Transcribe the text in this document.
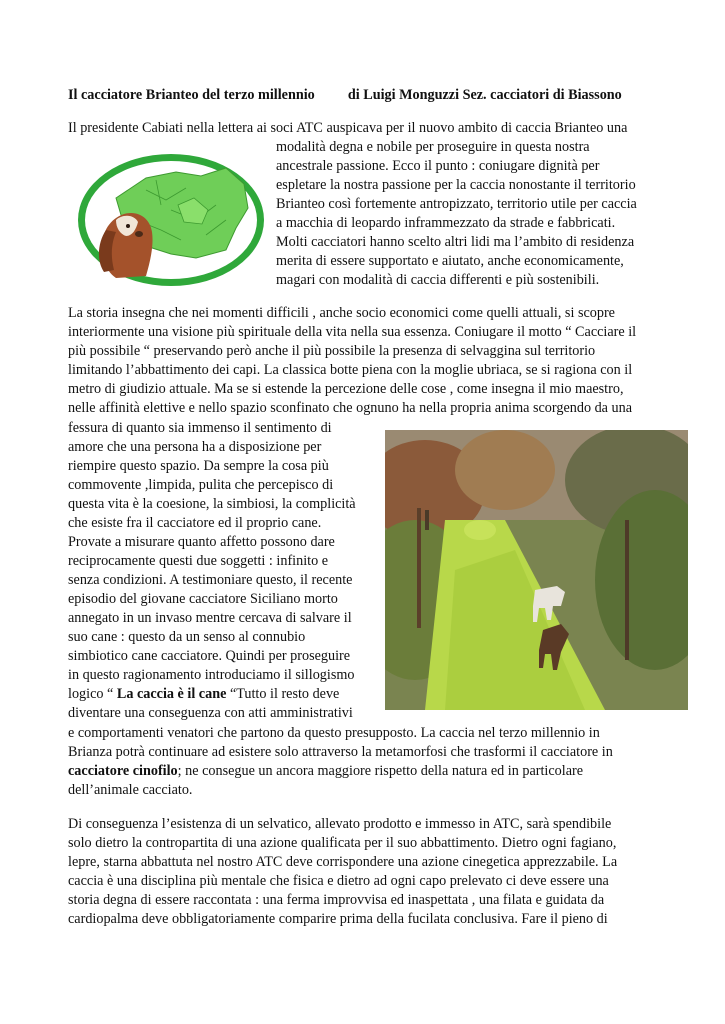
Il cacciatore Brianteo del terzo millennio di Luigi Monguzzi Sez. cacciatori di Biassono
Il presidente Cabiati nella lettera ai soci ATC auspicava per il nuovo ambito di caccia Brianteo una
modalità degna e nobile per proseguire in questa nostra
ancestrale passione. Ecco il punto : coniugare dignità per
espletare la nostra passione per la caccia nonostante il territorio
Brianteo così fortemente antropizzato, territorio utile per caccia
a macchia di leopardo inframmezzato da strade e fabbricati.
Molti cacciatori hanno scelto altri lidi ma l’ambito di residenza
merita di essere supportato e aiutato, anche economicamente,
magari con modalità di caccia differenti e più sostenibili.
La storia insegna che nei momenti difficili , anche socio economici come quelli attuali, si scopre
interiormente una visione più spirituale della vita nella sua essenza. Coniugare il motto “ Cacciare il
più possibile “ preservando però anche il più possibile la presenza di selvaggina sul territorio
limitando l’abbattimento dei capi. La classica botte piena con la moglie ubriaca, se si ragiona con il
metro di giudizio attuale. Ma se si estende la percezione delle cose , come insegna il mio maestro,
nelle affinità elettive e nello spazio sconfinato che ognuno ha nella propria anima scorgendo da una
fessura di quanto sia immenso il sentimento di
amore che una persona ha a disposizione per
riempire questo spazio. Da sempre la cosa più
commovente ,limpida, pulita che percepisco di
questa vita è la coesione, la simbiosi, la complicità
che esiste fra il cacciatore ed il proprio cane.
Provate a misurare quanto affetto possono dare
reciprocamente questi due soggetti : infinito e
senza condizioni. A testimoniare questo, il recente
episodio del giovane cacciatore Siciliano morto
annegato in un invaso mentre cercava di salvare il
suo cane : questo da un senso al connubio
simbiotico cane cacciatore. Quindi per proseguire
in questo ragionamento introduciamo il sillogismo
logico “ La caccia è il cane “Tutto il resto deve
diventare una conseguenza con atti amministrativi
e comportamenti venatori che partono da questo presupposto. La caccia nel terzo millennio in
Brianza potrà continuare ad esistere solo attraverso la metamorfosi che trasformi il cacciatore in
cacciatore cinofilo; ne consegue un ancora maggiore rispetto della natura ed in particolare
dell’animale cacciato.
Di conseguenza l’esistenza di un selvatico, allevato prodotto e immesso in ATC, sarà spendibile
solo dietro la contropartita di una azione qualificata per il suo abbattimento. Dietro ogni fagiano,
lepre, starna abbattuta nel nostro ATC deve corrispondere una azione cinegetica apprezzabile. La
caccia è una disciplina più mentale che fisica e dietro ad ogni capo prelevato ci deve essere una
storia degna di essere raccontata : una ferma improvvisa ed inaspettata , una filata e guidata da
cardiopalma deve obbligatoriamente comparire prima della fucilata conclusiva. Fare il pieno di
